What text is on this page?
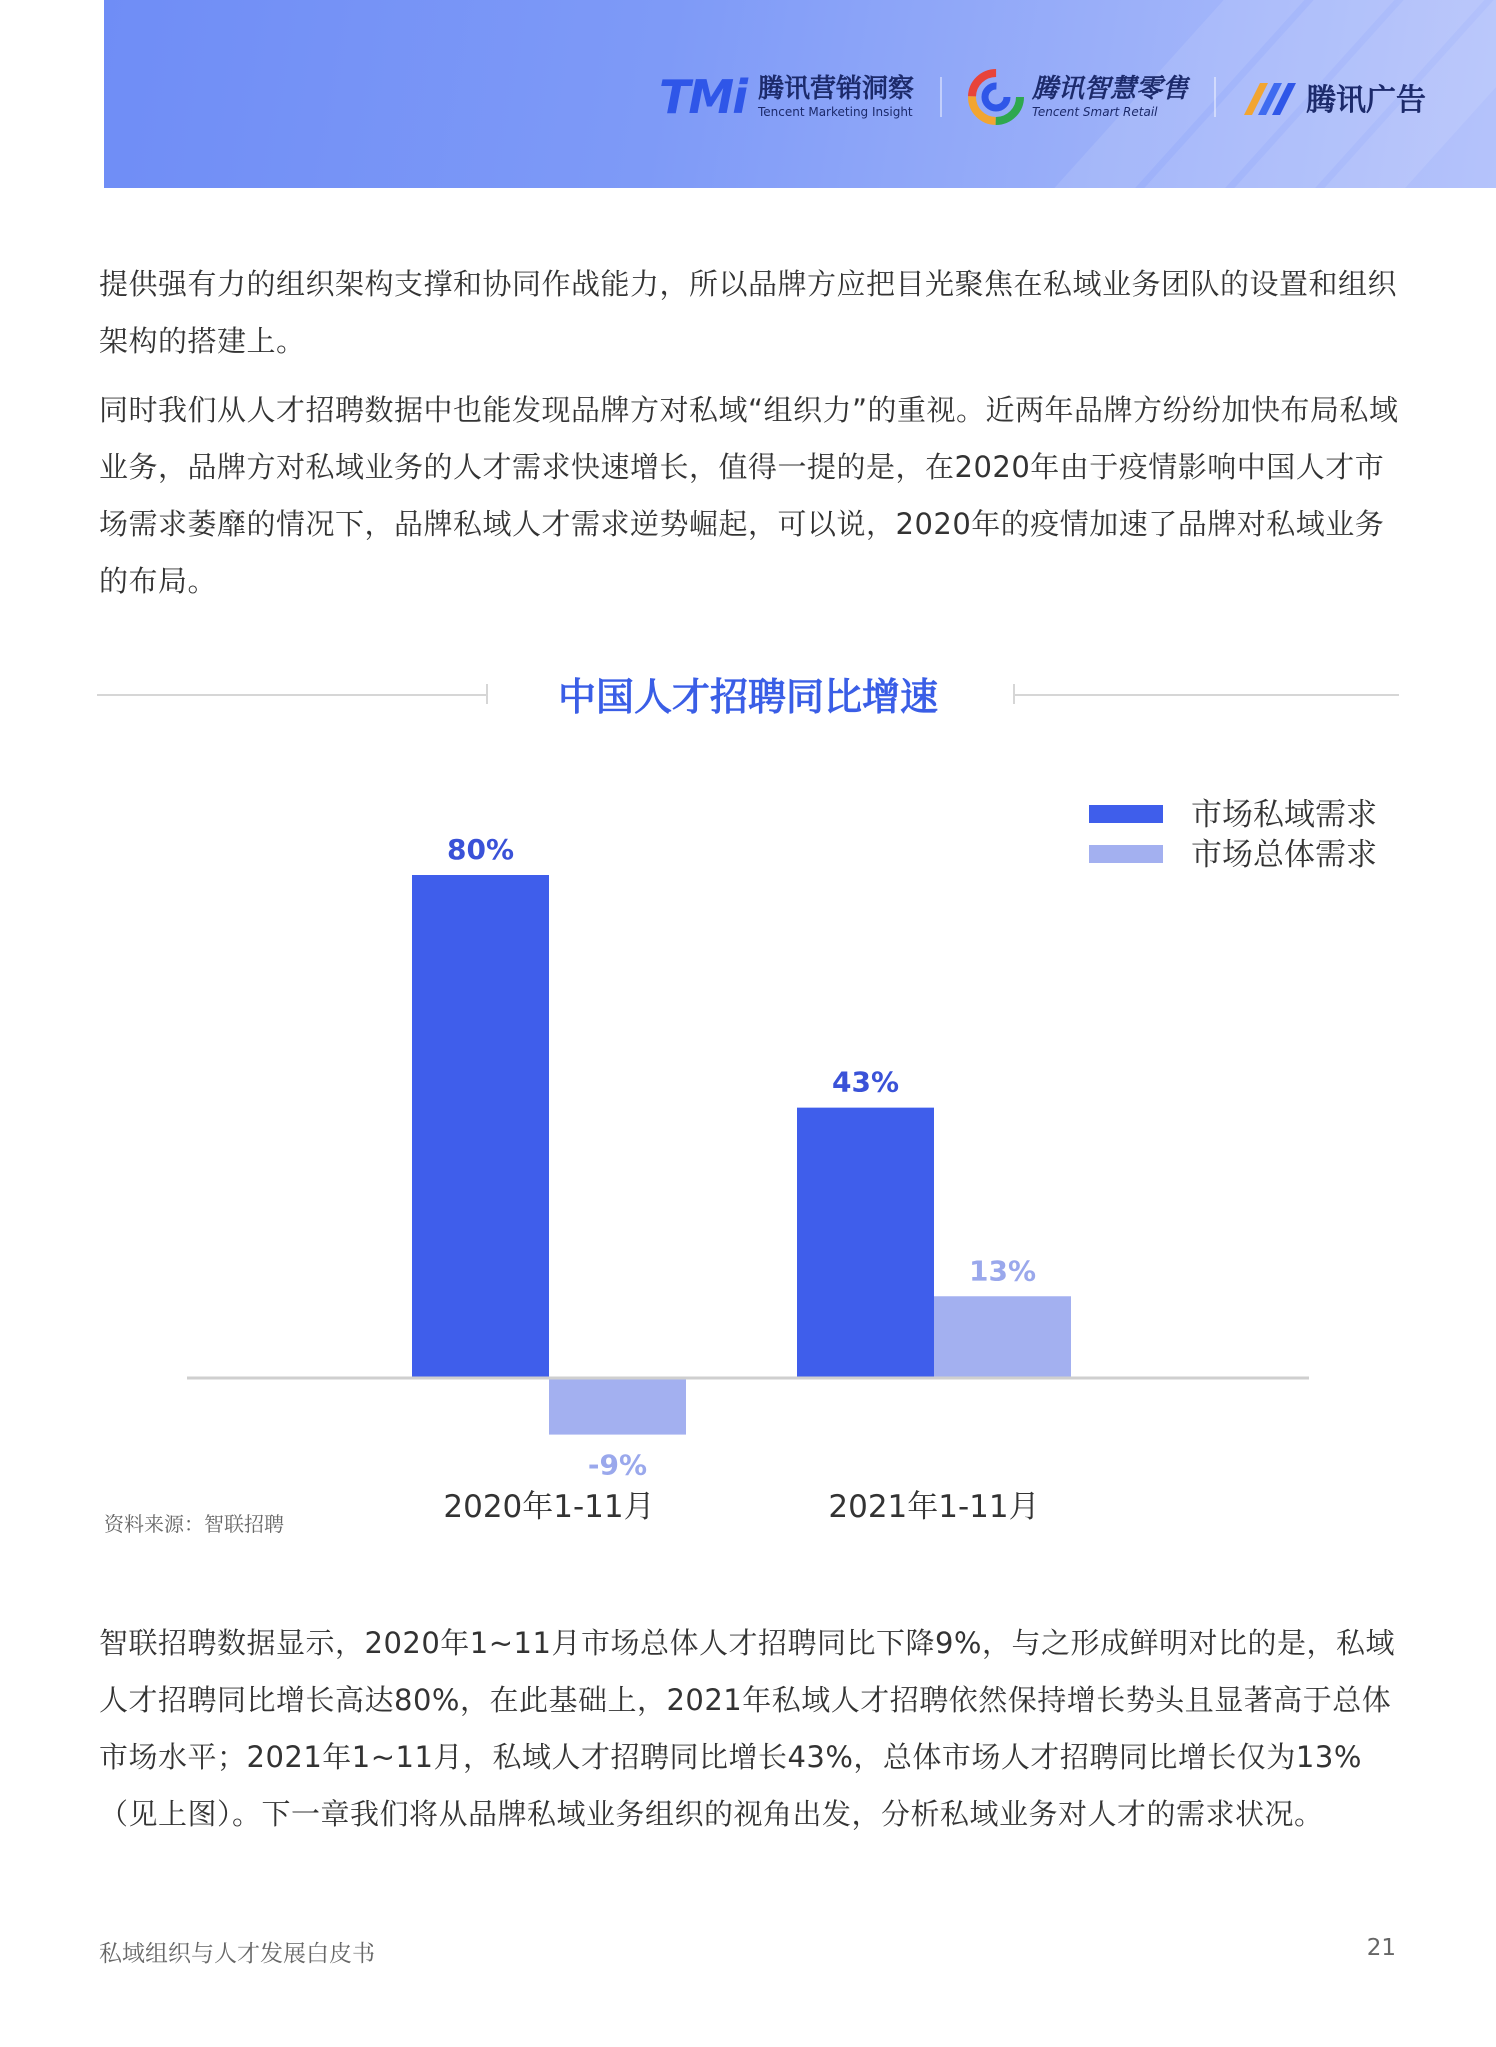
TMi 腾讯营销洞察
Tencent Marketing Insight
腾讯智慧零售
Tencent Smart Retail	腾讯广告

提供强有力的组织架构支撑和协同作战能力，所以品牌方应把目光聚焦在私域业务团队的设置和组织架构的搭建上。

同时我们从人才招聘数据中也能发现品牌方对私域“组织力”的重视。近两年品牌方纷纷加快布局私域业务，品牌方对私域业务的人才需求快速增长，值得一提的是，在2020年由于疫情影响中国人才市场需求萎靡的情况下，品牌私域人才需求逆势崛起，可以说，2020年的疫情加速了品牌对私域业务的布局。

中国人才招聘同比增速
80%
43%
-9%
13%
2020年1-11月	2021年1-11月
市场私域需求
市场总体需求
资料来源：智联招聘

智联招聘数据显示，2020年1~11月市场总体人才招聘同比下降9%，与之形成鲜明对比的是，私域人才招聘同比增长高达80%，在此基础上，2021年私域人才招聘依然保持增长势头且显著高于总体市场水平；2021年1~11月，私域人才招聘同比增长43%，总体市场人才招聘同比增长仅为13%（见上图）。下一章我们将从品牌私域业务组织的视角出发，分析私域业务对人才的需求状况。

私域组织与人才发展白皮书	21
